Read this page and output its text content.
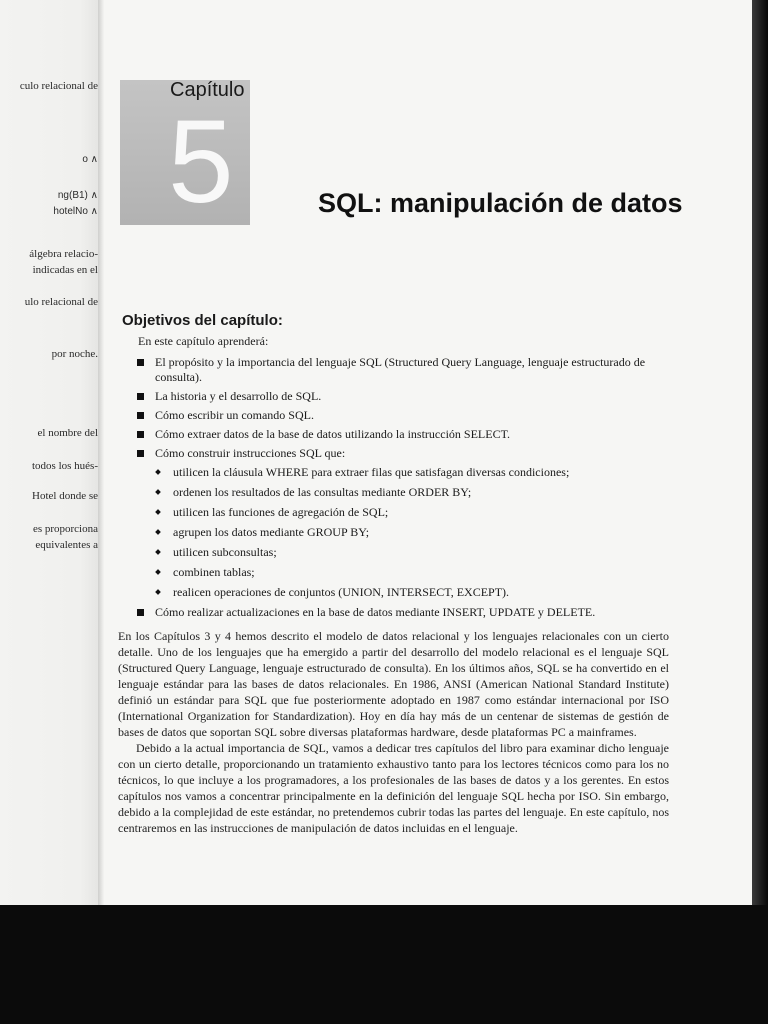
culo relacional de
o ∧
ng(B1) ∧
hotelNo ∧
álgebra relacio-
indicadas en el
ulo relacional de
por noche.
el nombre del
todos los hués-
Hotel donde se
es proporciona
equivalentes a
Capítulo
5	SQL: manipulación de datos
Objetivos del capítulo:
En este capítulo aprenderá:
El propósito y la importancia del lenguaje SQL (Structured Query Language, lenguaje estructurado de consulta).
La historia y el desarrollo de SQL.
Cómo escribir un comando SQL.
Cómo extraer datos de la base de datos utilizando la instrucción SELECT.
Cómo construir instrucciones SQL que:
utilicen la cláusula WHERE para extraer filas que satisfagan diversas condiciones;
ordenen los resultados de las consultas mediante ORDER BY;
utilicen las funciones de agregación de SQL;
agrupen los datos mediante GROUP BY;
utilicen subconsultas;
combinen tablas;
realicen operaciones de conjuntos (UNION, INTERSECT, EXCEPT).
Cómo realizar actualizaciones en la base de datos mediante INSERT, UPDATE y DELETE.

En los Capítulos 3 y 4 hemos descrito el modelo de datos relacional y los lenguajes relacionales con un cierto detalle. Uno de los lenguajes que ha emergido a partir del desarrollo del modelo relacional es el lenguaje SQL (Structured Query Language, lenguaje estructurado de consulta). En los últimos años, SQL se ha convertido en el lenguaje estándar para las bases de datos relacionales. En 1986, ANSI (American National Standard Institute) definió un estándar para SQL que fue posteriormente adoptado en 1987 como estándar internacional por ISO (International Organization for Standardization). Hoy en día hay más de un centenar de sistemas de gestión de bases de datos que soportan SQL sobre diversas plataformas hardware, desde plataformas PC a mainframes.

Debido a la actual importancia de SQL, vamos a dedicar tres capítulos del libro para examinar dicho lenguaje con un cierto detalle, proporcionando un tratamiento exhaustivo tanto para los lectores técnicos como para los no técnicos, lo que incluye a los programadores, a los profesionales de las bases de datos y a los gerentes. En estos capítulos nos vamos a concentrar principalmente en la definición del lenguaje SQL hecha por ISO. Sin embargo, debido a la complejidad de este estándar, no pretendemos cubrir todas las partes del lenguaje. En este capítulo, nos centraremos en las instrucciones de manipulación de datos incluidas en el lenguaje.
